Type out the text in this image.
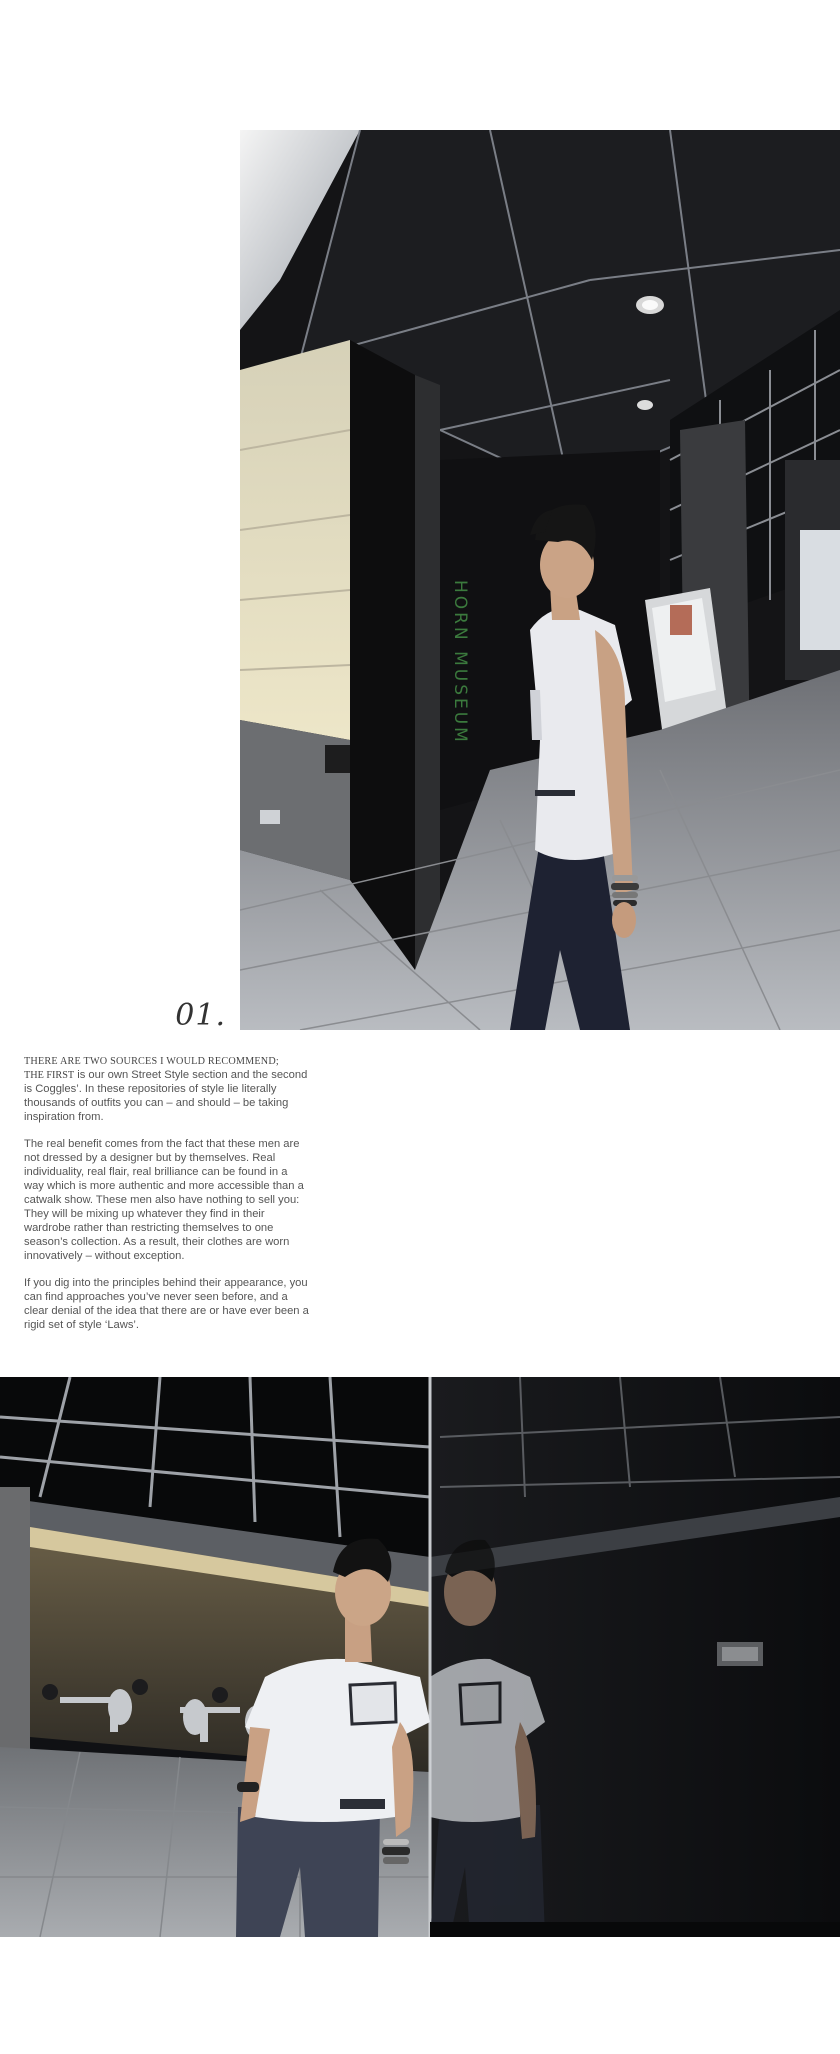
HORN MUSEUM
01.

THERE ARE TWO SOURCES I WOULD RECOMMEND;
THE FIRST is our own Street Style section and the second is Coggles’. In these repositories of style lie literally thousands of outfits you can – and should – be taking inspiration from.

The real benefit comes from the fact that these men are not dressed by a designer but by themselves. Real individuality, real flair, real brilliance can be found in a way which is more authentic and more accessible than a catwalk show. These men also have nothing to sell you: They will be mixing up whatever they find in their wardrobe rather than restricting themselves to one season’s collection. As a result, their clothes are worn innovatively – without exception.

If you dig into the principles behind their appearance, you can find approaches you’ve never seen before, and a clear denial of the idea that there are or have ever been a rigid set of style ‘Laws’.
